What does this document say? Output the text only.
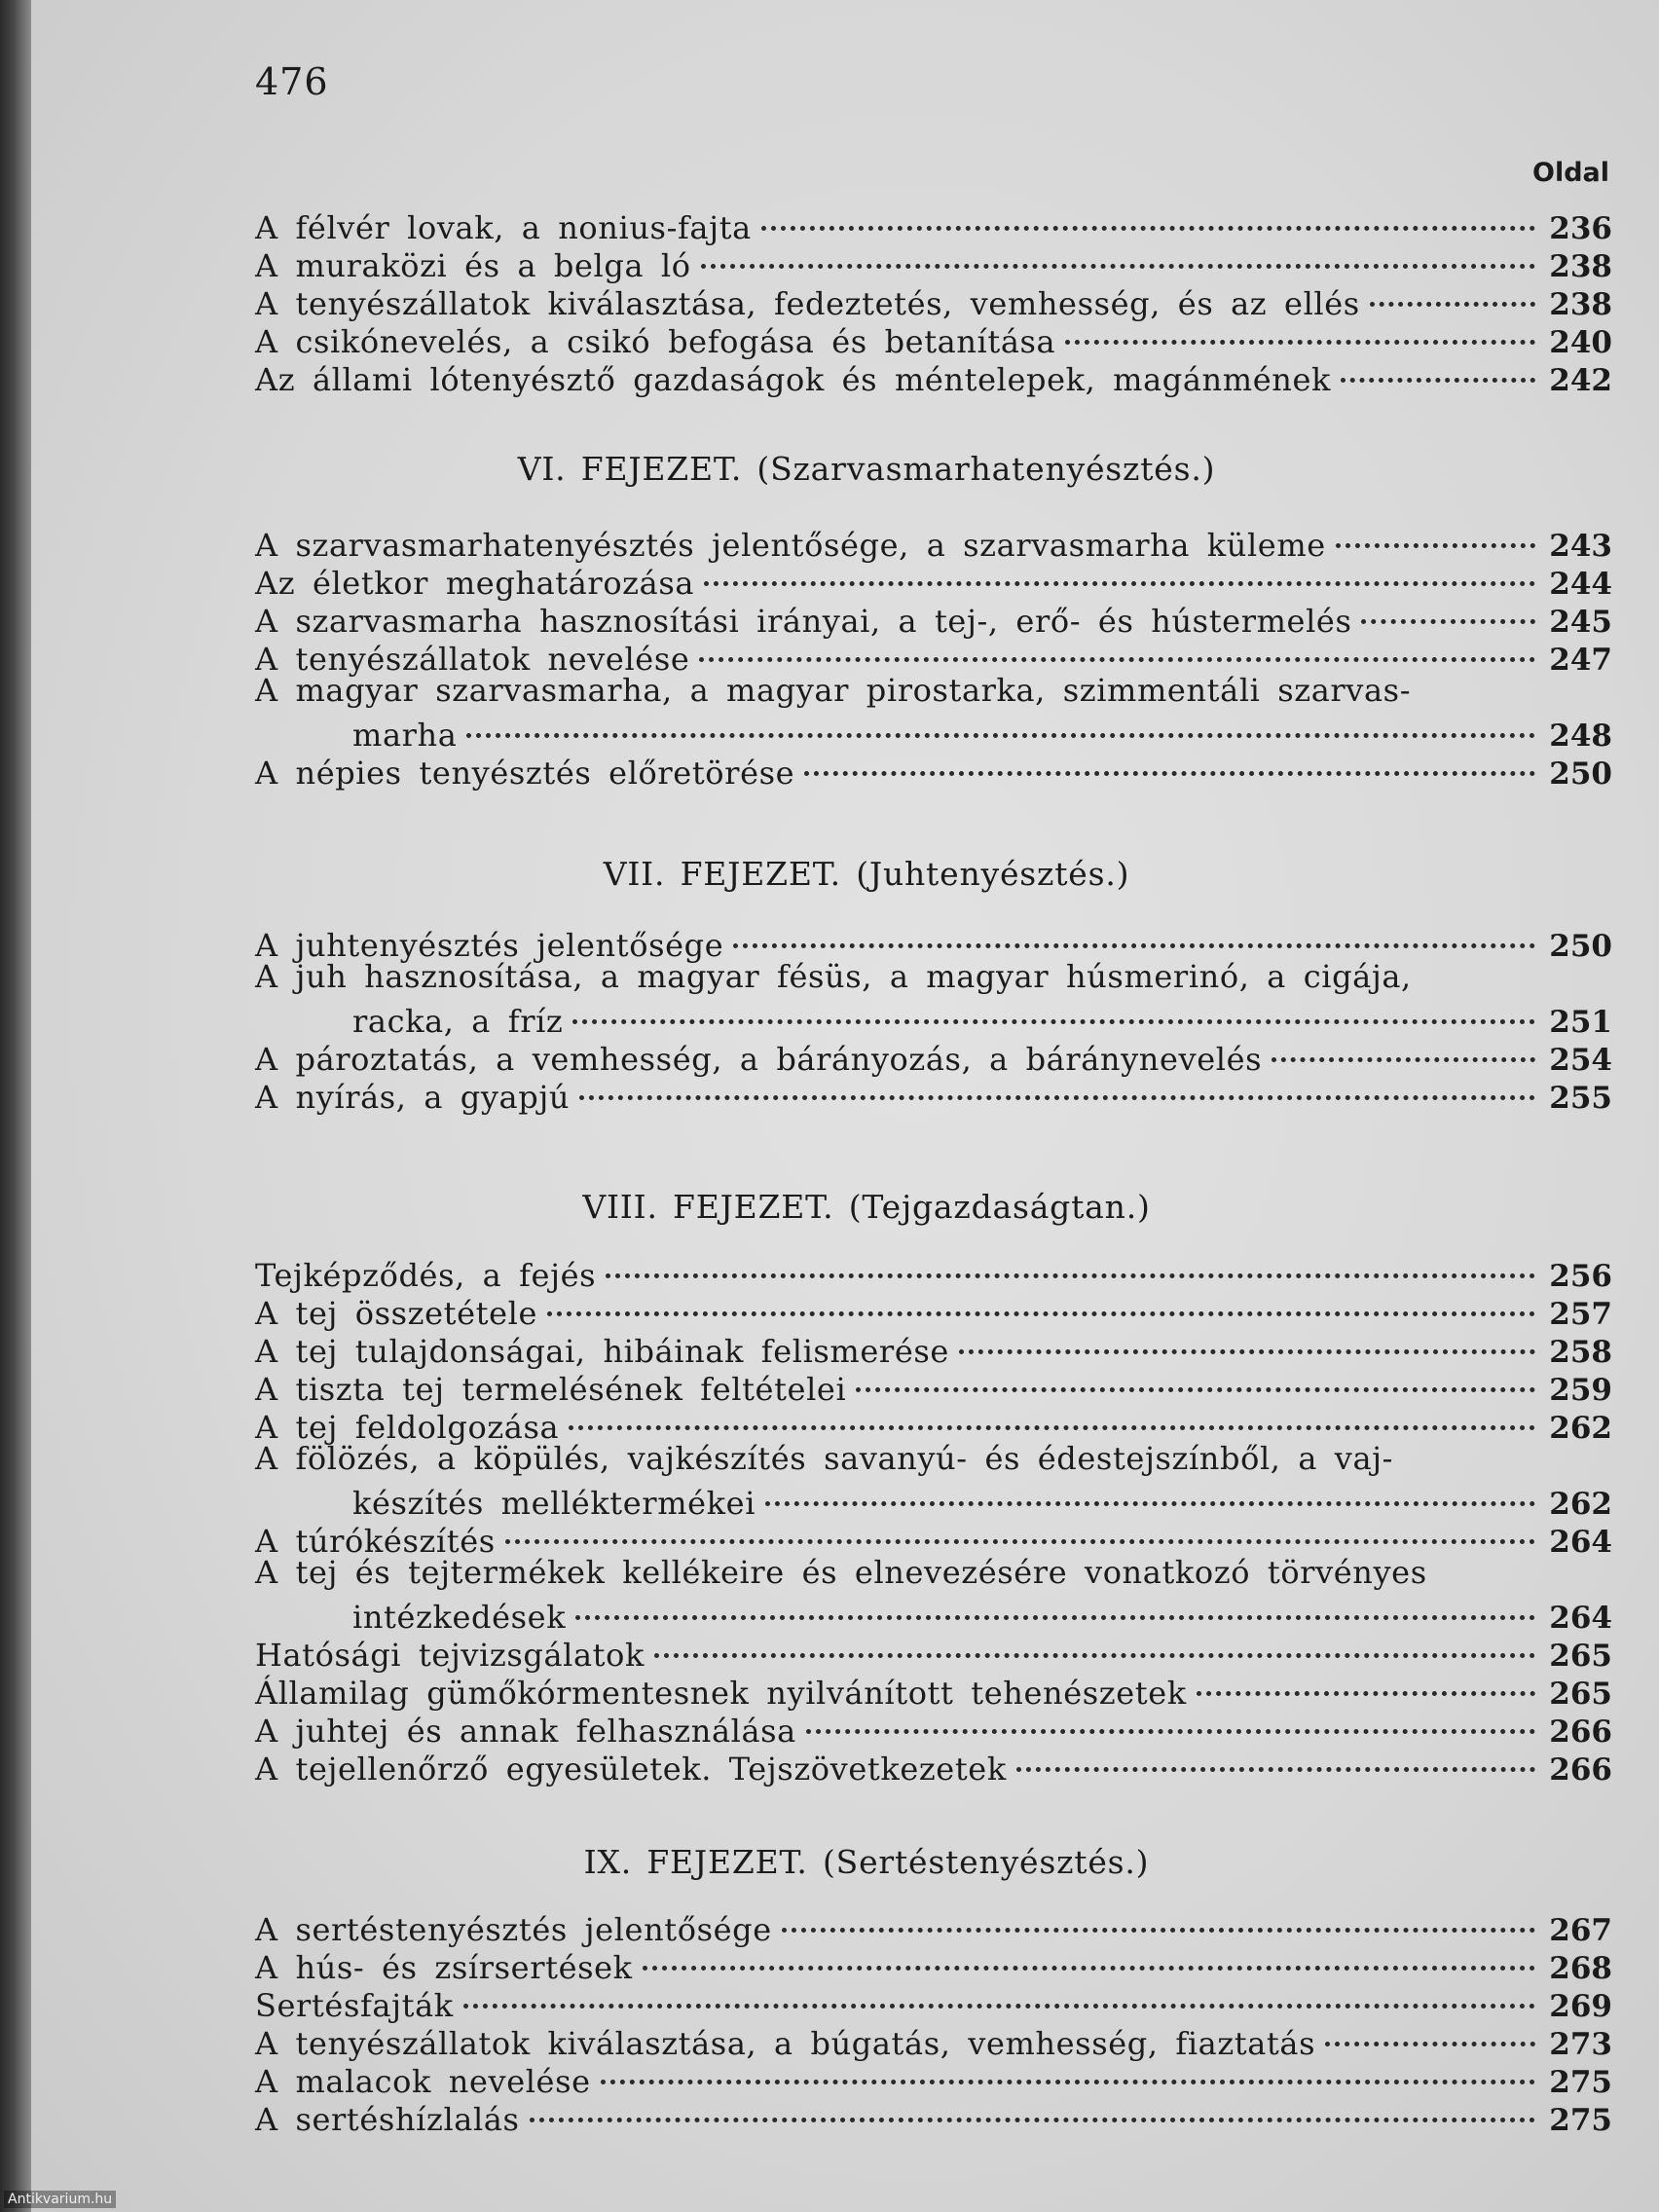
476
Oldal
A félvér lovak, a nonius-fajta	236
A muraközi és a belga ló	238
A tenyészállatok kiválasztása, fedeztetés, vemhesség, és az ellés	238
A csikónevelés, a csikó befogása és betanítása	240
Az állami lótenyésztő gazdaságok és méntelepek, magánmének	242
VI. FEJEZET. (Szarvasmarhatenyésztés.)
A szarvasmarhatenyésztés jelentősége, a szarvasmarha küleme	243
Az életkor meghatározása	244
A szarvasmarha hasznosítási irányai, a tej-, erő- és hústermelés	245
A tenyészállatok nevelése	247
A magyar szarvasmarha, a magyar pirostarka, szimmentáli szarvas-
marha	248
A népies tenyésztés előretörése	250
VII. FEJEZET. (Juhtenyésztés.)
A juhtenyésztés jelentősége	250
A juh hasznosítása, a magyar fésüs, a magyar húsmerinó, a cigája,
racka, a fríz	251
A pároztatás, a vemhesség, a bárányozás, a báránynevelés	254
A nyírás, a gyapjú	255
VIII. FEJEZET. (Tejgazdaságtan.)
Tejképződés, a fejés	256
A tej összetétele	257
A tej tulajdonságai, hibáinak felismerése	258
A tiszta tej termelésének feltételei	259
A tej feldolgozása	262
A fölözés, a köpülés, vajkészítés savanyú- és édestejszínből, a vaj-
készítés melléktermékei	262
A túrókészítés	264
A tej és tejtermékek kellékeire és elnevezésére vonatkozó törvényes
intézkedések	264
Hatósági tejvizsgálatok	265
Államilag gümőkórmentesnek nyilvánított tehenészetek	265
A juhtej és annak felhasználása	266
A tejellenőrző egyesületek. Tejszövetkezetek	266
IX. FEJEZET. (Sertéstenyésztés.)
A sertéstenyésztés jelentősége	267
A hús- és zsírsertések	268
Sertésfajták	269
A tenyészállatok kiválasztása, a búgatás, vemhesség, fiaztatás	273
A malacok nevelése	275
A sertéshízlalás	275
Antikvarium.hu
